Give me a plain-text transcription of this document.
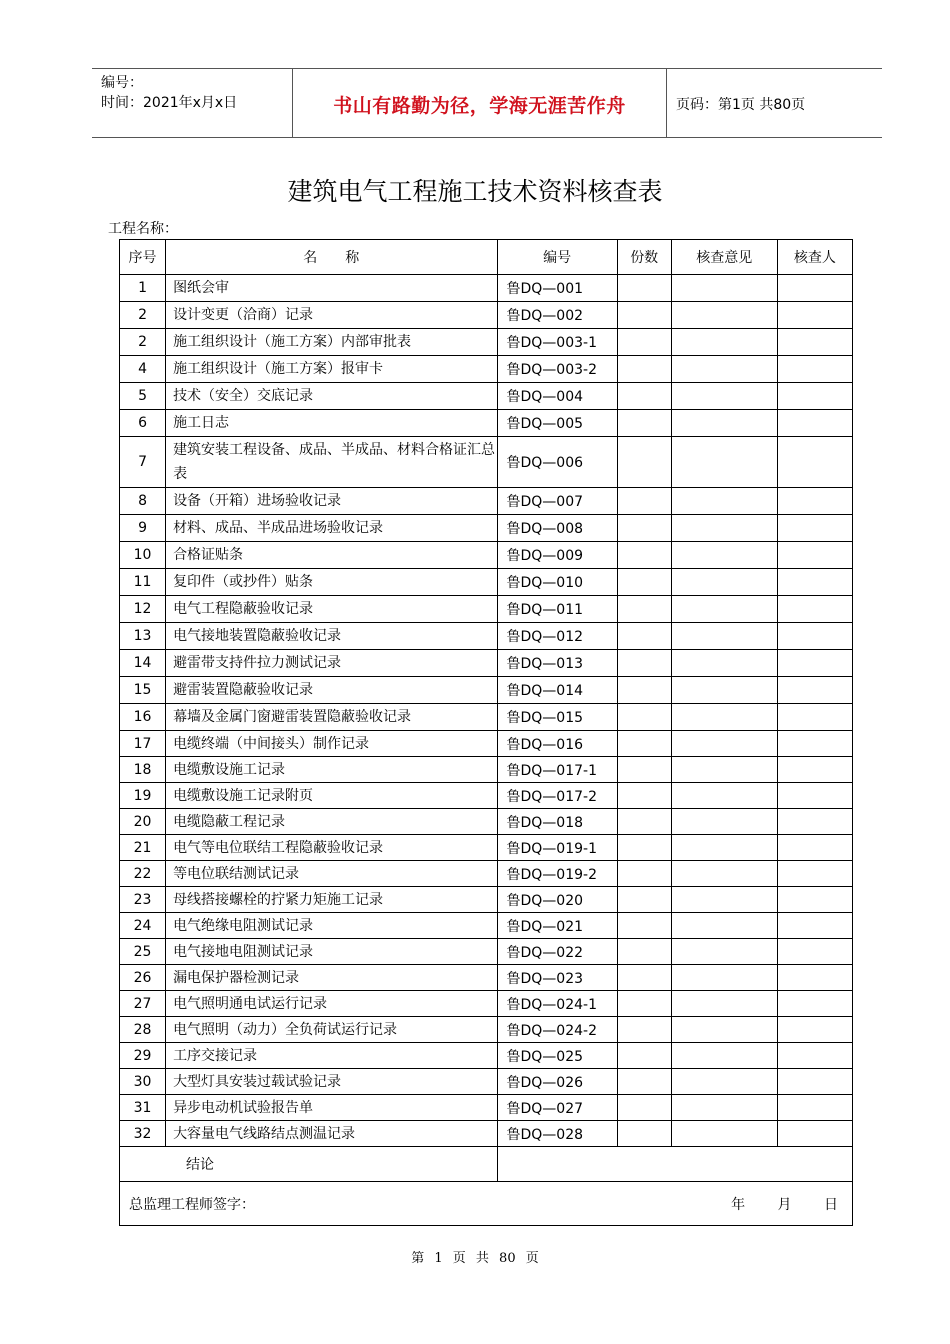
编号：
时间：2021年x月x日	书山有路勤为径，学海无涯苦作舟	页码：第1页 共80页
建筑电气工程施工技术资料核查表
工程名称：
序号	名　　称	编号	份数	核查意见	核查人
1	图纸会审	鲁DQ—001			
2	设计变更（洽商）记录	鲁DQ—002			
2	施工组织设计（施工方案）内部审批表	鲁DQ—003-1			
4	施工组织设计（施工方案）报审卡	鲁DQ—003-2			
5	技术（安全）交底记录	鲁DQ—004			
6	施工日志	鲁DQ—005			
7	建筑安装工程设备、成品、半成品、材料合格证汇总表	鲁DQ—006			
8	设备（开箱）进场验收记录	鲁DQ—007			
9	材料、成品、半成品进场验收记录	鲁DQ—008			
10	合格证贴条	鲁DQ—009			
11	复印件（或抄件）贴条	鲁DQ—010			
12	电气工程隐蔽验收记录	鲁DQ—011			
13	电气接地装置隐蔽验收记录	鲁DQ—012			
14	避雷带支持件拉力测试记录	鲁DQ—013			
15	避雷装置隐蔽验收记录	鲁DQ—014			
16	幕墙及金属门窗避雷装置隐蔽验收记录	鲁DQ—015			
17	电缆终端（中间接头）制作记录	鲁DQ—016			
18	电缆敷设施工记录	鲁DQ—017-1			
19	电缆敷设施工记录附页	鲁DQ—017-2			
20	电缆隐蔽工程记录	鲁DQ—018			
21	电气等电位联结工程隐蔽验收记录	鲁DQ—019-1			
22	等电位联结测试记录	鲁DQ—019-2			
23	母线搭接螺栓的拧紧力矩施工记录	鲁DQ—020			
24	电气绝缘电阻测试记录	鲁DQ—021			
25	电气接地电阻测试记录	鲁DQ—022			
26	漏电保护器检测记录	鲁DQ—023			
27	电气照明通电试运行记录	鲁DQ—024-1			
28	电气照明（动力）全负荷试运行记录	鲁DQ—024-2			
29	工序交接记录	鲁DQ—025			
30	大型灯具安装过载试验记录	鲁DQ—026			
31	异步电动机试验报告单	鲁DQ—027			
32	大容量电气线路结点测温记录	鲁DQ—028			
结论					

总监理工程师签字： 年 月 日					
第 1 页 共 80 页
